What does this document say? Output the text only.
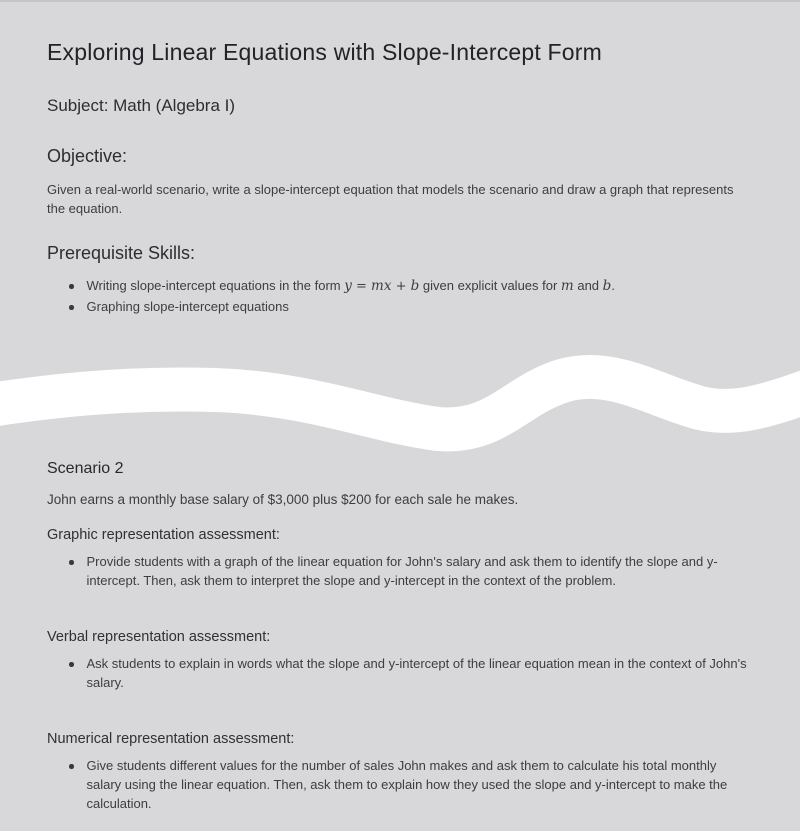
Exploring Linear Equations with Slope-Intercept Form
Subject: Math (Algebra I)
Objective:

Given a real-world scenario, write a slope-intercept equation that models the scenario and draw a graph that represents the equation.

Prerequisite Skills:
Writing slope-intercept equations in the form y = mx + b given explicit values for m and b.
Graphing slope-intercept equations
Scenario 2

John earns a monthly base salary of $3,000 plus $200 for each sale he makes.

Graphic representation assessment:
Provide students with a graph of the linear equation for John's salary and ask them to identify the slope and y-intercept. Then, ask them to interpret the slope and y-intercept in the context of the problem.
Verbal representation assessment:
Ask students to explain in words what the slope and y-intercept of the linear equation mean in the context of John's salary.
Numerical representation assessment:
Give students different values for the number of sales John makes and ask them to calculate his total monthly salary using the linear equation. Then, ask them to explain how they used the slope and y-intercept to make the calculation.
